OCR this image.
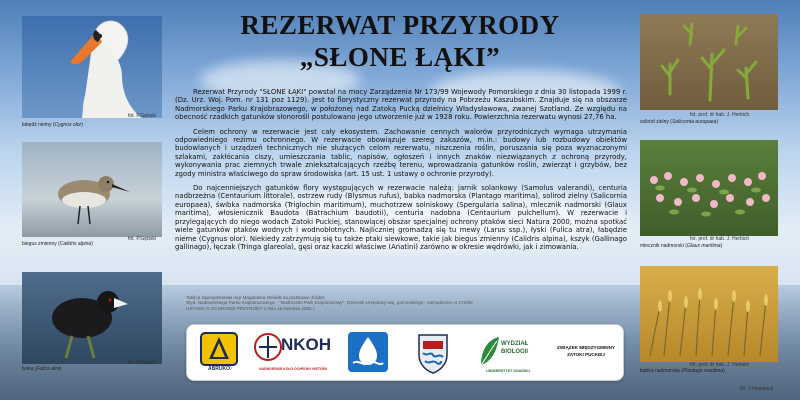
łabędź niemy (Cygnus olor)
fot. P.Gębski
biegus zmienny (Calidris alpina)
fot. P.Gębski
łyska (Fulica atra)
fot. P.Gębski
REZERWAT PRZYRODY
„SŁONE ŁĄKI”

Rezerwat Przyrody "SŁONE ŁĄKI" powstał na mocy Zarządzenia Nr 173/99 Wojewody Pomorskiego z dnia 30 listopada 1999 r. (Dz. Urz. Woj. Pom. nr 131 poz 1129). Jest to florystyczny rezerwat przyrody na Pobrzeżu Kaszubskim. Znajduje się na obszarze Nadmorskiego Parku Krajobrazowego, w położonej nad Zatoką Pucką dzielnicy Władysławowa, zwanej Szotland. Ze względu na obecność rzadkich gatunków słonorośli postulowano jego utworzenie już w 1928 roku. Powierzchnia rezerwatu wynosi 27,76 ha.

Celem ochrony w rezerwacie jest cały ekosystem. Zachowanie cennych walorów przyrodniczych wymaga utrzymania odpowiedniego reżimu ochronnego. W rezerwacie obowiązuje szereg zakazów, m.in.: budowy lub rozbudowy obiektów budowlanych i urządzeń technicznych nie służących celom rezerwatu, niszczenia roślin, poruszania się poza wyznaczonymi szlakami, zakłócania ciszy, umieszczania tablic, napisów, ogłoszeń i innych znaków niezwiązanych z ochroną przyrody, wykonywania prac ziemnych trwale zniekształcających rzeźbę terenu, wprowadzania gatunków roślin, zwierząt i grzybów, bez zgody ministra właściwego do spraw środowiska (art. 15 ust. 1 ustawy o ochronie przyrody).

Do najcenniejszych gatunków flory występujących w rezerwacie należą: jarnik solankowy (Samolus valerandi), centuria nadbrzeżna (Centaurium littorale), ostrzew rudy (Blysmus rufus), babka nadmorska (Plantago maritima), solirod zielny (Salicornia europaea), świbka nadmorska (Triglochin maritimum), muchotrzew solniskowy (Spergularia salina), mlecznik nadmorski (Glaux maritima), włosienicznik Baudota (Batrachium baudotii), centuria nadobna (Centaurium pulchellum). W rezerwacie i przylegających do niego wodach Zatoki Puckiej, stanowiącej obszar specjalnej ochrony ptaków sieci Natura 2000, można spotkać wiele gatunków ptaków wodnych i wodnobłotnych. Najliczniej gromadzą się tu mewy (Larus ssp.), łyski (Fulica atra), łabędzie nieme (Cygnus olor). Niekiedy zatrzymują się tu także ptaki siewkowe, takie jak biegus zmienny (Calidris alpina), kszyk (Gallinago gallinago), łęczak (Tringa glareola), gęsi oraz kaczki właściwe (Anatini) zarówno w okresie wędrówki, jak i zimowania.

Tablicę zaprojektowała mgr Magdalena Dellwitt na podstawie źródeł:
Wyd. Nadmorskiego Parku Krajobrazowego - "Nadmorski Park Krajobrazowy"; Dziennik Urzędowy woj. pomorskiego - zarządzenie nr 173/99
USTAWA O OCHRONIE PRZYRODY z dnia 16 kwietnia 2004 r.
ABRUKO
NKOH
NADMORSKIE KOŁO OCHRONY HISTORII
WYDZIAŁ
BIOLOGII
UNIWERSYTET GDAŃSKI
ZWIĄZEK MIĘDZYGMINNY
ZATOKI PUCKIEJ
fot. prof. dr hab. J. Herbich
soliród zielny (Salicornia europaea)
fot. prof. dr hab. J. Herbich
mlecznik nadmorski (Glaux maritima)
fot. prof. dr hab. J. Herbich
babka nadmorska (Plantago maritima)
fot. T.Hepaniuk
